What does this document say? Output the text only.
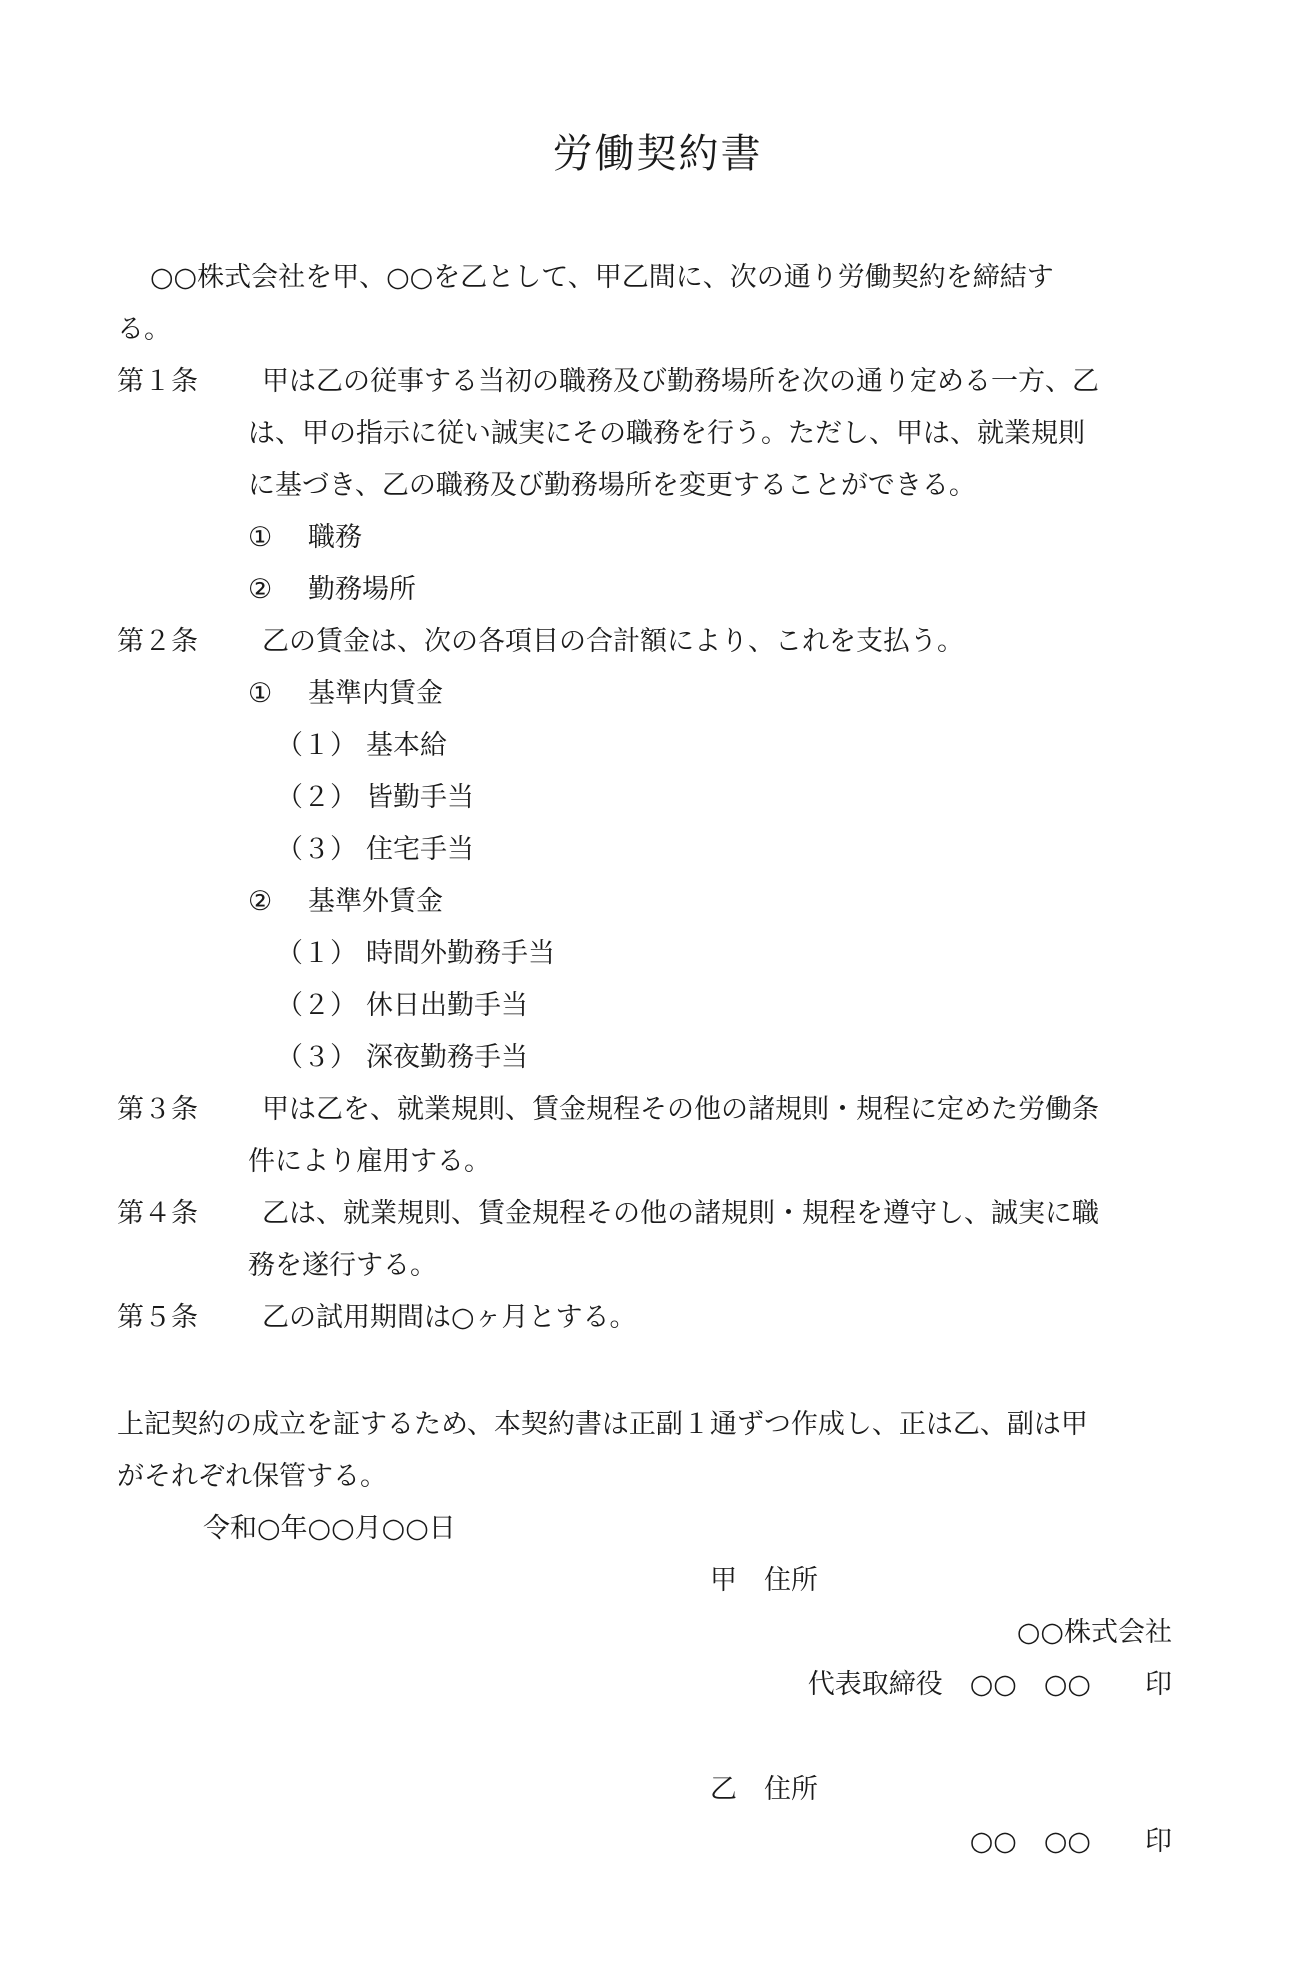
労働契約書
○○株式会社を甲、○○を乙として、甲乙間に、次の通り労働契約を締結す
る。
第１条 甲は乙の従事する当初の職務及び勤務場所を次の通り定める一方、乙
は、甲の指示に従い誠実にその職務を行う。ただし、甲は、就業規則
に基づき、乙の職務及び勤務場所を変更することができる。
① 職務
② 勤務場所
第２条 乙の賃金は、次の各項目の合計額により、これを支払う。
① 基準内賃金
（１） 基本給
（２） 皆勤手当
（３） 住宅手当
② 基準外賃金
（１） 時間外勤務手当
（２） 休日出勤手当
（３） 深夜勤務手当
第３条 甲は乙を、就業規則、賃金規程その他の諸規則・規程に定めた労働条
件により雇用する。
第４条 乙は、就業規則、賃金規程その他の諸規則・規程を遵守し、誠実に職
務を遂行する。
第５条 乙の試用期間は○ヶ月とする。
上記契約の成立を証するため、本契約書は正副１通ずつ作成し、正は乙、副は甲
がそれぞれ保管する。
令和○年○○月○○日
甲　住所
○○株式会社
代表取締役　○○　○○　　印
乙　住所
○○　○○　　印
